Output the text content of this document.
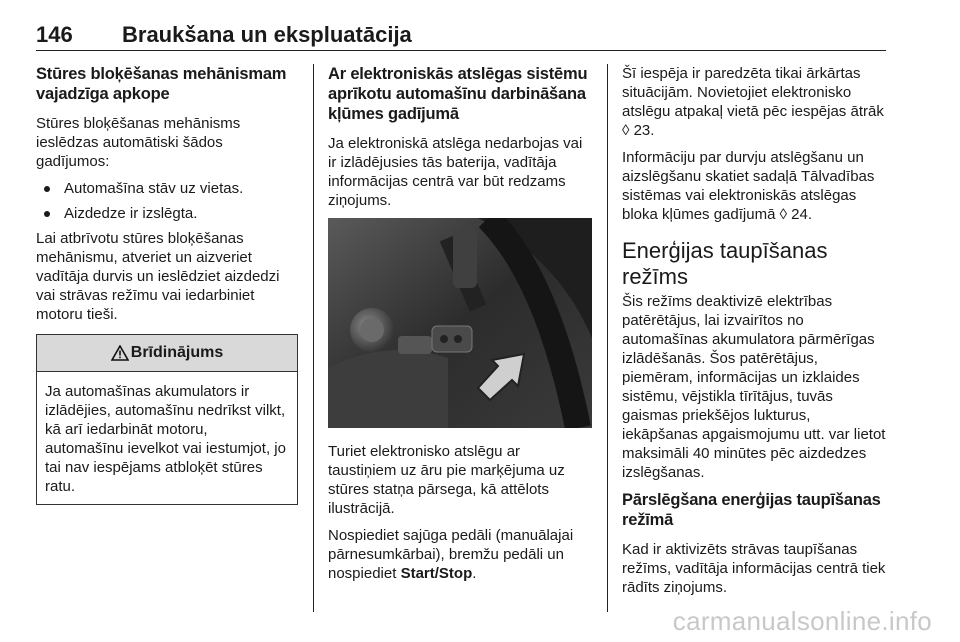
146 Braukšana un ekspluatācija
Stūres bloķēšanas mehānismam vajadzīga apkope

Stūres bloķēšanas mehānisms ieslēdzas automātiski šādos gadījumos:

Automašīna stāv uz vietas.
Aizdedze ir izslēgta.

Lai atbrīvotu stūres bloķēšanas mehānismu, atveriet un aizveriet vadītāja durvis un ieslēdziet aizdedzi vai strāvas režīmu vai iedarbiniet motoru tieši.

Brīdinājums
Ja automašīnas akumulators ir izlādējies, automašīnu nedrīkst vilkt, kā arī iedarbināt motoru, automašīnu ievelkot vai iestumjot, jo tai nav iespējams atbloķēt stūres ratu.
Ar elektroniskās atslēgas sistēmu aprīkotu automašīnu darbināšana kļūmes gadījumā

Ja elektroniskā atslēga nedarbojas vai ir izlādējusies tās baterija, vadītāja informācijas centrā var būt redzams ziņojums.

Turiet elektronisko atslēgu ar taustiņiem uz āru pie marķējuma uz stūres statņa pārsega, kā attēlots ilustrācijā.

Nospiediet sajūga pedāli (manuālajai pārnesumkārbai), bremžu pedāli un nospiediet Start/Stop.

Šī iespēja ir paredzēta tikai ārkārtas situācijām. Novietojiet elektronisko atslēgu atpakaļ vietā pēc iespējas ātrāk ◊ 23.

Informāciju par durvju atslēgšanu un aizslēgšanu skatiet sadaļā Tālvadības sistēmas vai elektroniskās atslēgas bloka kļūmes gadījumā ◊ 24.

Enerģijas taupīšanas režīms

Šis režīms deaktivizē elektrības patērētājus, lai izvairītos no automašīnas akumulatora pārmērīgas izlādēšanās. Šos patērētājus, piemēram, informācijas un izklaides sistēmu, vējstikla tīrītājus, tuvās gaismas priekšējos lukturus, iekāpšanas apgaismojumu utt. var lietot maksimāli 40 minūtes pēc aizdedzes izslēgšanas.

Pārslēgšana enerģijas taupīšanas režīmā

Kad ir aktivizēts strāvas taupīšanas režīms, vadītāja informācijas centrā tiek rādīts ziņojums.

carmanualsonline.info
